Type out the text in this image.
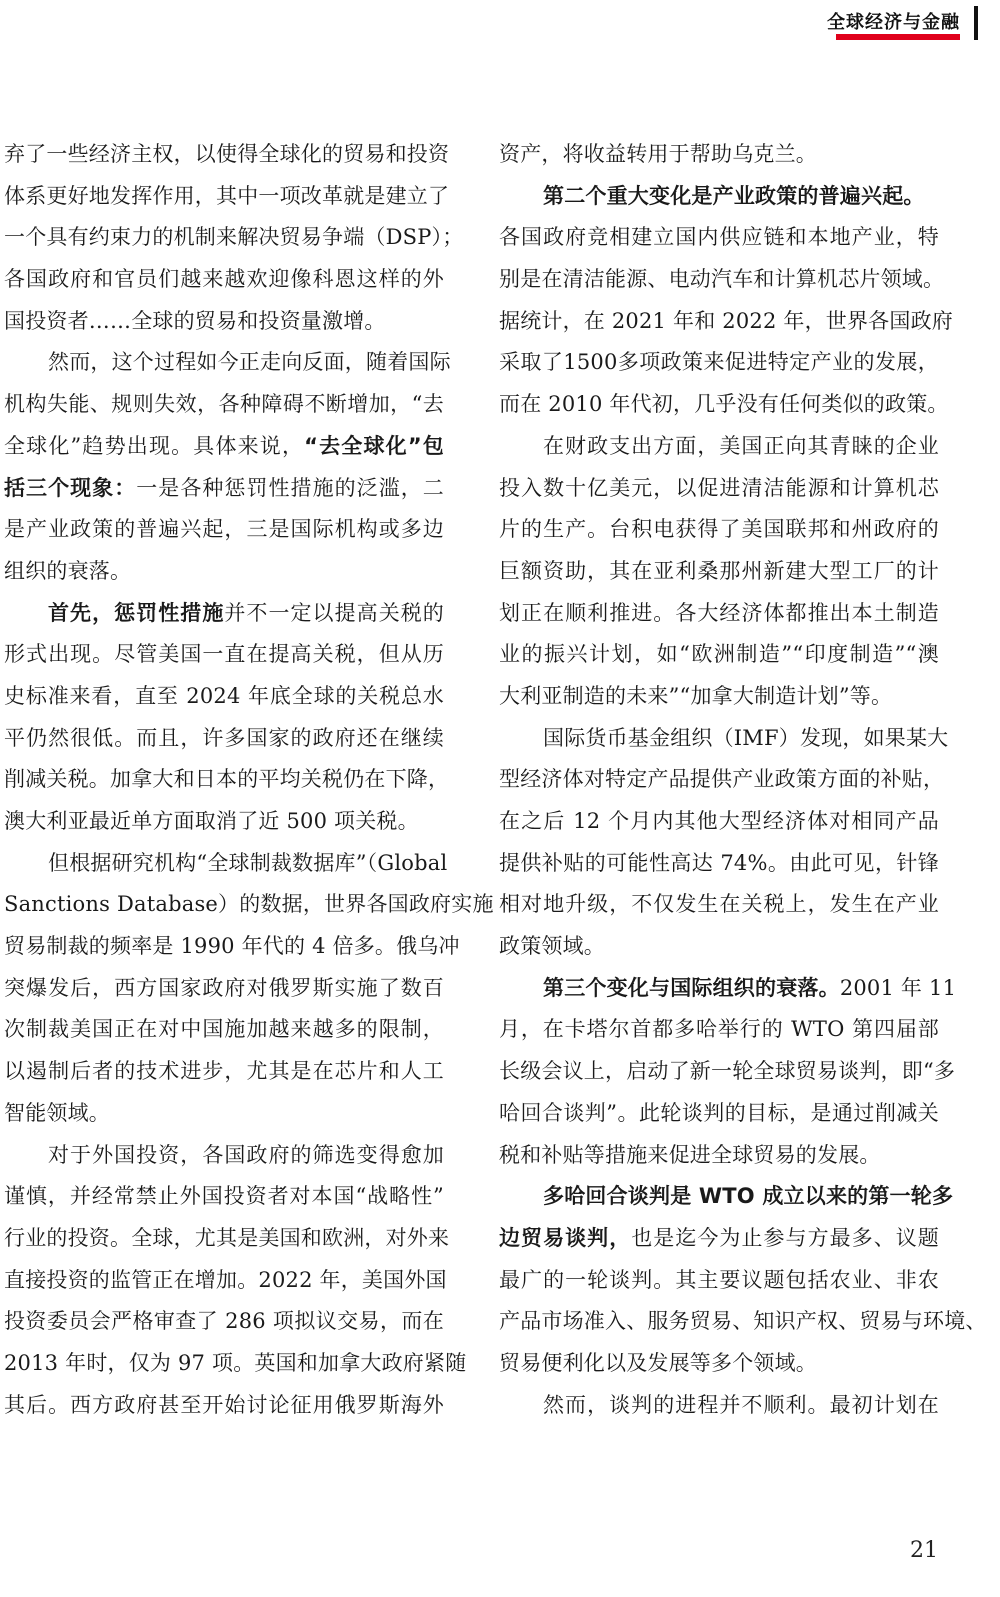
全球经济与金融
弃了一些经济主权，以使得全球化的贸易和投资
体系更好地发挥作用，其中一项改革就是建立了
一个具有约束力的机制来解决贸易争端（DSP）；
各国政府和官员们越来越欢迎像科恩这样的外
国投资者……全球的贸易和投资量激增。
然而，这个过程如今正走向反面，随着国际
机构失能、规则失效，各种障碍不断增加，“去
全球化”趋势出现。具体来说，“去全球化”包
括三个现象：一是各种惩罚性措施的泛滥，二
是产业政策的普遍兴起，三是国际机构或多边
组织的衰落。
首先，惩罚性措施并不一定以提高关税的
形式出现。尽管美国一直在提高关税，但从历
史标准来看，直至 2024 年底全球的关税总水
平仍然很低。而且，许多国家的政府还在继续
削减关税。加拿大和日本的平均关税仍在下降，
澳大利亚最近单方面取消了近 500 项关税。
但根据研究机构“全球制裁数据库”（Global
Sanctions Database）的数据，世界各国政府实施
贸易制裁的频率是 1990 年代的 4 倍多。俄乌冲
突爆发后，西方国家政府对俄罗斯实施了数百
次制裁美国正在对中国施加越来越多的限制，
以遏制后者的技术进步，尤其是在芯片和人工
智能领域。
对于外国投资，各国政府的筛选变得愈加
谨慎，并经常禁止外国投资者对本国“战略性”
行业的投资。全球，尤其是美国和欧洲，对外来
直接投资的监管正在增加。2022 年，美国外国
投资委员会严格审查了 286 项拟议交易，而在
2013 年时，仅为 97 项。英国和加拿大政府紧随
其后。西方政府甚至开始讨论征用俄罗斯海外
资产，将收益转用于帮助乌克兰。
第二个重大变化是产业政策的普遍兴起。
各国政府竞相建立国内供应链和本地产业，特
别是在清洁能源、电动汽车和计算机芯片领域。
据统计，在 2021 年和 2022 年，世界各国政府
采取了1500多项政策来促进特定产业的发展，
而在 2010 年代初，几乎没有任何类似的政策。
在财政支出方面，美国正向其青睐的企业
投入数十亿美元，以促进清洁能源和计算机芯
片的生产。台积电获得了美国联邦和州政府的
巨额资助，其在亚利桑那州新建大型工厂的计
划正在顺利推进。各大经济体都推出本土制造
业的振兴计划，如“欧洲制造”“印度制造”“澳
大利亚制造的未来”“加拿大制造计划”等。
国际货币基金组织（IMF）发现，如果某大
型经济体对特定产品提供产业政策方面的补贴，
在之后 12 个月内其他大型经济体对相同产品
提供补贴的可能性高达 74%。由此可见，针锋
相对地升级，不仅发生在关税上，发生在产业
政策领域。
第三个变化与国际组织的衰落。2001 年 11
月，在卡塔尔首都多哈举行的 WTO 第四届部
长级会议上，启动了新一轮全球贸易谈判，即“多
哈回合谈判”。此轮谈判的目标，是通过削减关
税和补贴等措施来促进全球贸易的发展。
多哈回合谈判是 WTO 成立以来的第一轮多
边贸易谈判，也是迄今为止参与方最多、议题
最广的一轮谈判。其主要议题包括农业、非农
产品市场准入、服务贸易、知识产权、贸易与环境、
贸易便利化以及发展等多个领域。
然而，谈判的进程并不顺利。最初计划在
21
